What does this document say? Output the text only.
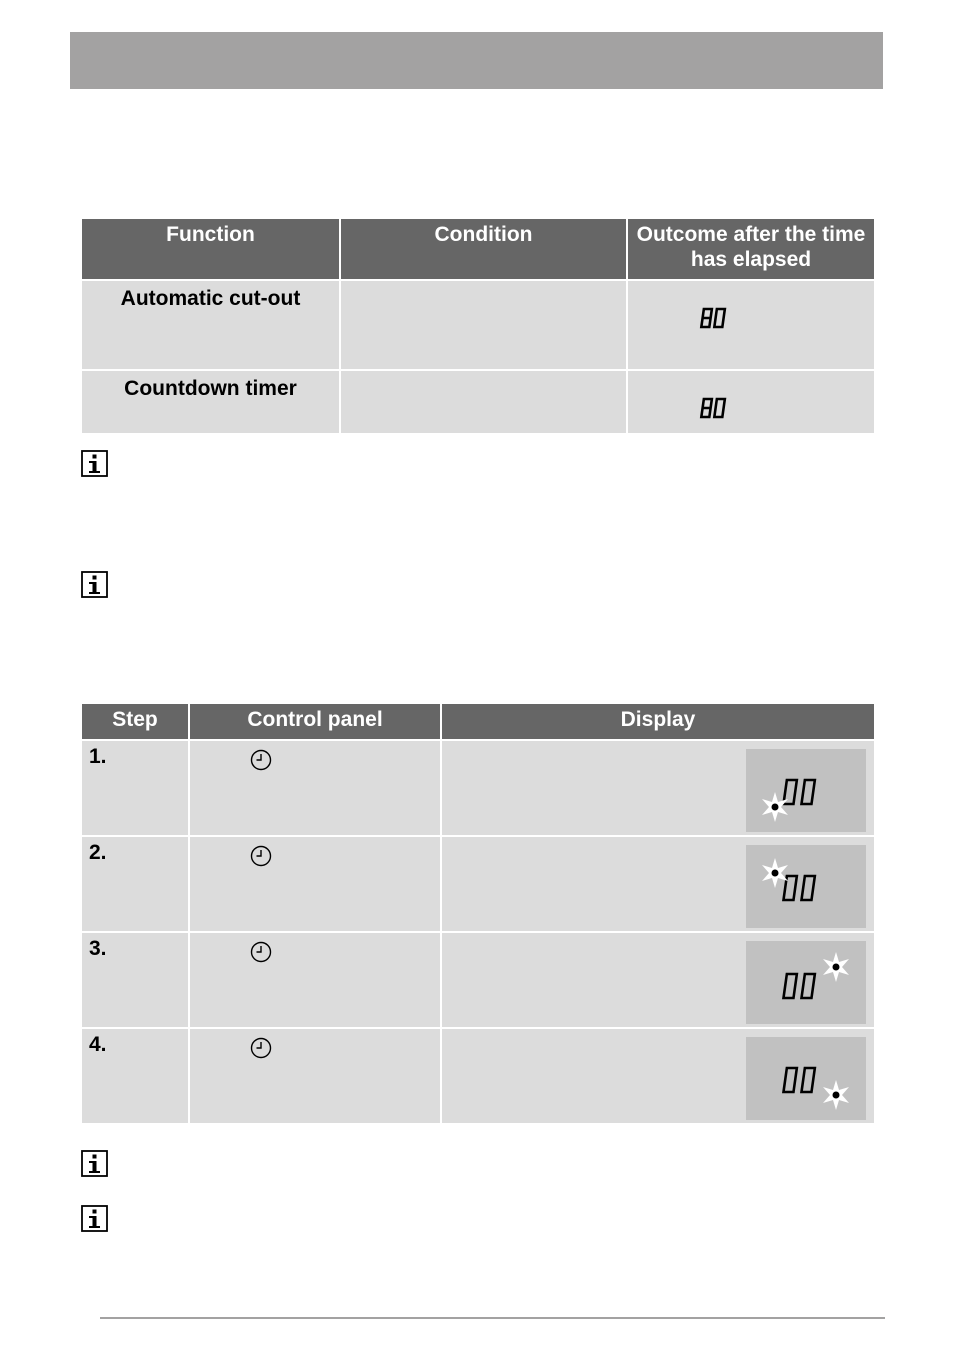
Function	Condition	Outcome after the time has elapsed
Automatic cut-out		00

Countdown timer		00
Step	Control panel	Display
1.	

2.	

3.	

4.	
